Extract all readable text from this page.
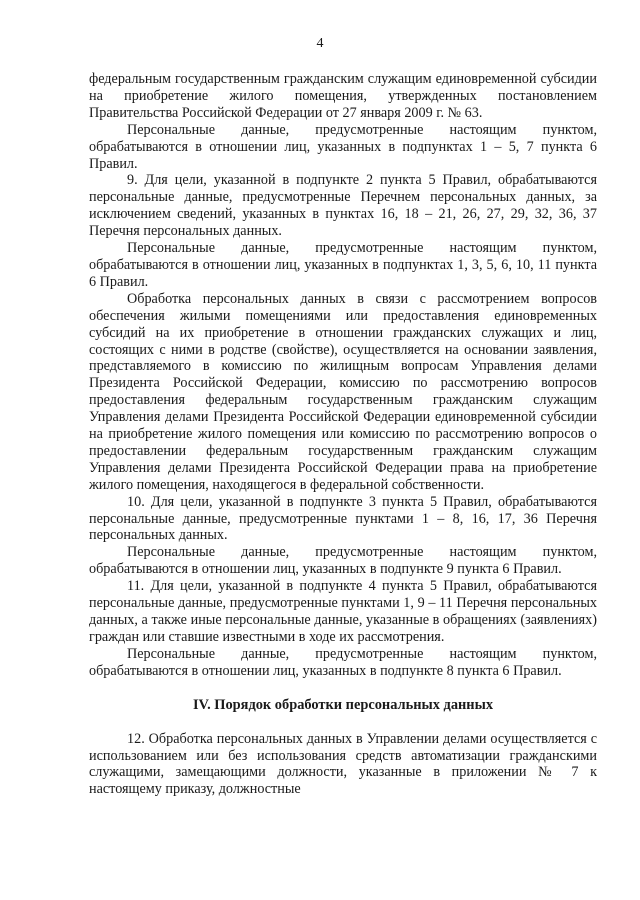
4

федеральным государственным гражданским служащим единовременной субсидии на приобретение жилого помещения, утвержденных постановлением Правительства Российской Федерации от 27 января 2009 г. № 63.

Персональные данные, предусмотренные настоящим пунктом, обрабатываются в отношении лиц, указанных в подпунктах 1 – 5, 7 пункта 6 Правил.

9. Для цели, указанной в подпункте 2 пункта 5 Правил, обрабатываются персональные данные, предусмотренные Перечнем персональных данных, за исключением сведений, указанных в пунктах 16, 18 – 21, 26, 27, 29, 32, 36, 37 Перечня персональных данных.

Персональные данные, предусмотренные настоящим пунктом, обрабатываются в отношении лиц, указанных в подпунктах 1, 3, 5, 6, 10, 11 пункта 6 Правил.

Обработка персональных данных в связи с рассмотрением вопросов обеспечения жилыми помещениями или предоставления единовременных субсидий на их приобретение в отношении гражданских служащих и лиц, состоящих с ними в родстве (свойстве), осуществляется на основании заявления, представляемого в комиссию по жилищным вопросам Управления делами Президента Российской Федерации, комиссию по рассмотрению вопросов предоставления федеральным государственным гражданским служащим Управления делами Президента Российской Федерации единовременной субсидии на приобретение жилого помещения или комиссию по рассмотрению вопросов о предоставлении федеральным государственным гражданским служащим Управления делами Президента Российской Федерации права на приобретение жилого помещения, находящегося в федеральной собственности.

10. Для цели, указанной в подпункте 3 пункта 5 Правил, обрабатываются персональные данные, предусмотренные пунктами 1 – 8, 16, 17, 36 Перечня персональных данных.

Персональные данные, предусмотренные настоящим пунктом, обрабатываются в отношении лиц, указанных в подпункте 9 пункта 6 Правил.

11. Для цели, указанной в подпункте 4 пункта 5 Правил, обрабатываются персональные данные, предусмотренные пунктами 1, 9 – 11 Перечня персональных данных, а также иные персональные данные, указанные в обращениях (заявлениях) граждан или ставшие известными в ходе их рассмотрения.

Персональные данные, предусмотренные настоящим пунктом, обрабатываются в отношении лиц, указанных в подпункте 8 пункта 6 Правил.

IV. Порядок обработки персональных данных

12. Обработка персональных данных в Управлении делами осуществляется с использованием или без использования средств автоматизации гражданскими служащими, замещающими должности, указанные в приложении № 7 к настоящему приказу, должностные
